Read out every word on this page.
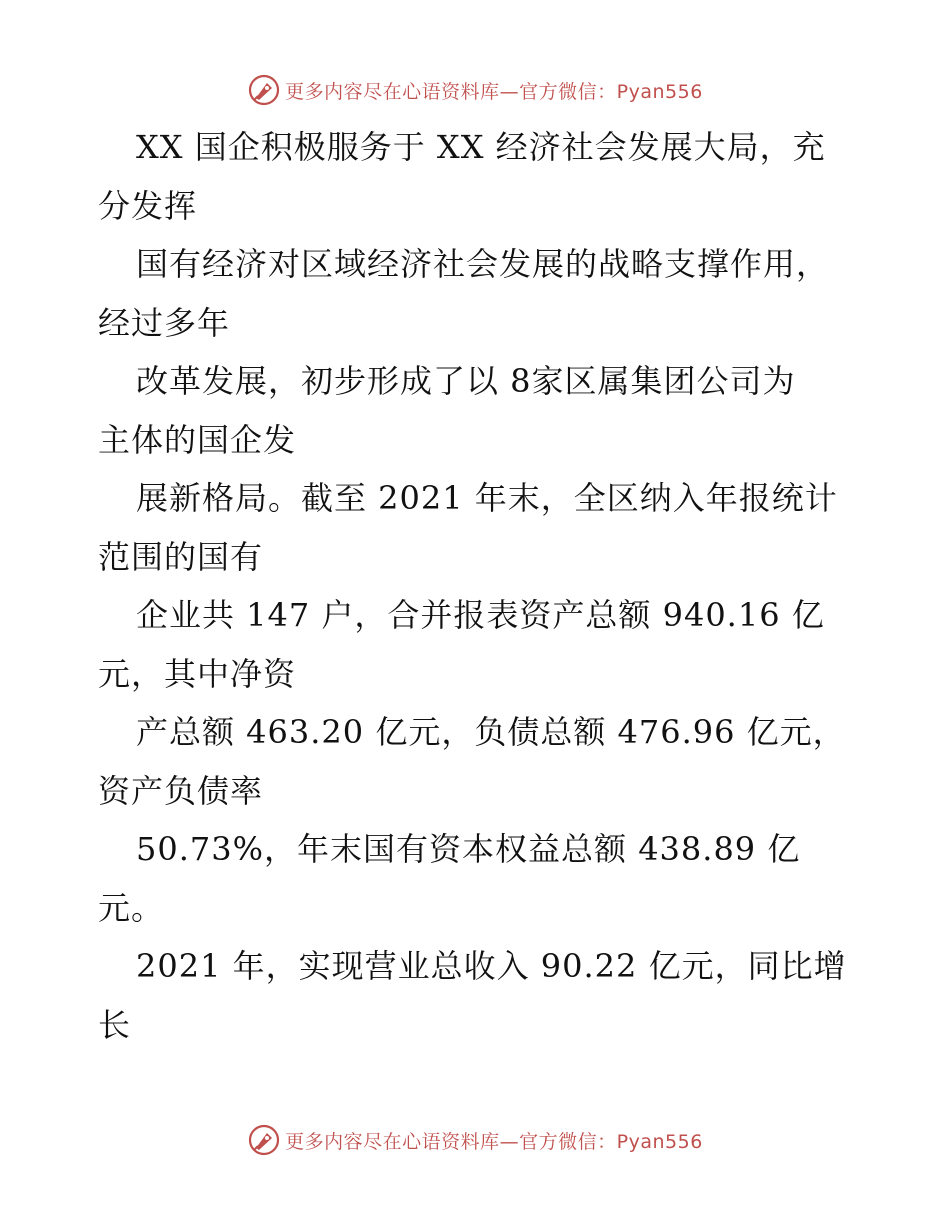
更多内容尽在心语资料库—官方微信：Pyan556
XX 国企积极服务于 XX 经济社会发展大局，充
分发挥
国有经济对区域经济社会发展的战略支撑作用，
经过多年
改革发展，初步形成了以 8家区属集团公司为
主体的国企发
展新格局。截至 2021 年末，全区纳入年报统计
范围的国有
企业共 147 户，合并报表资产总额 940.16 亿
元，其中净资
产总额 463.20 亿元，负债总额 476.96 亿元，
资产负债率
50.73%，年末国有资本权益总额 438.89 亿
元。
2021 年，实现营业总收入 90.22 亿元，同比增
长
更多内容尽在心语资料库—官方微信：Pyan556
